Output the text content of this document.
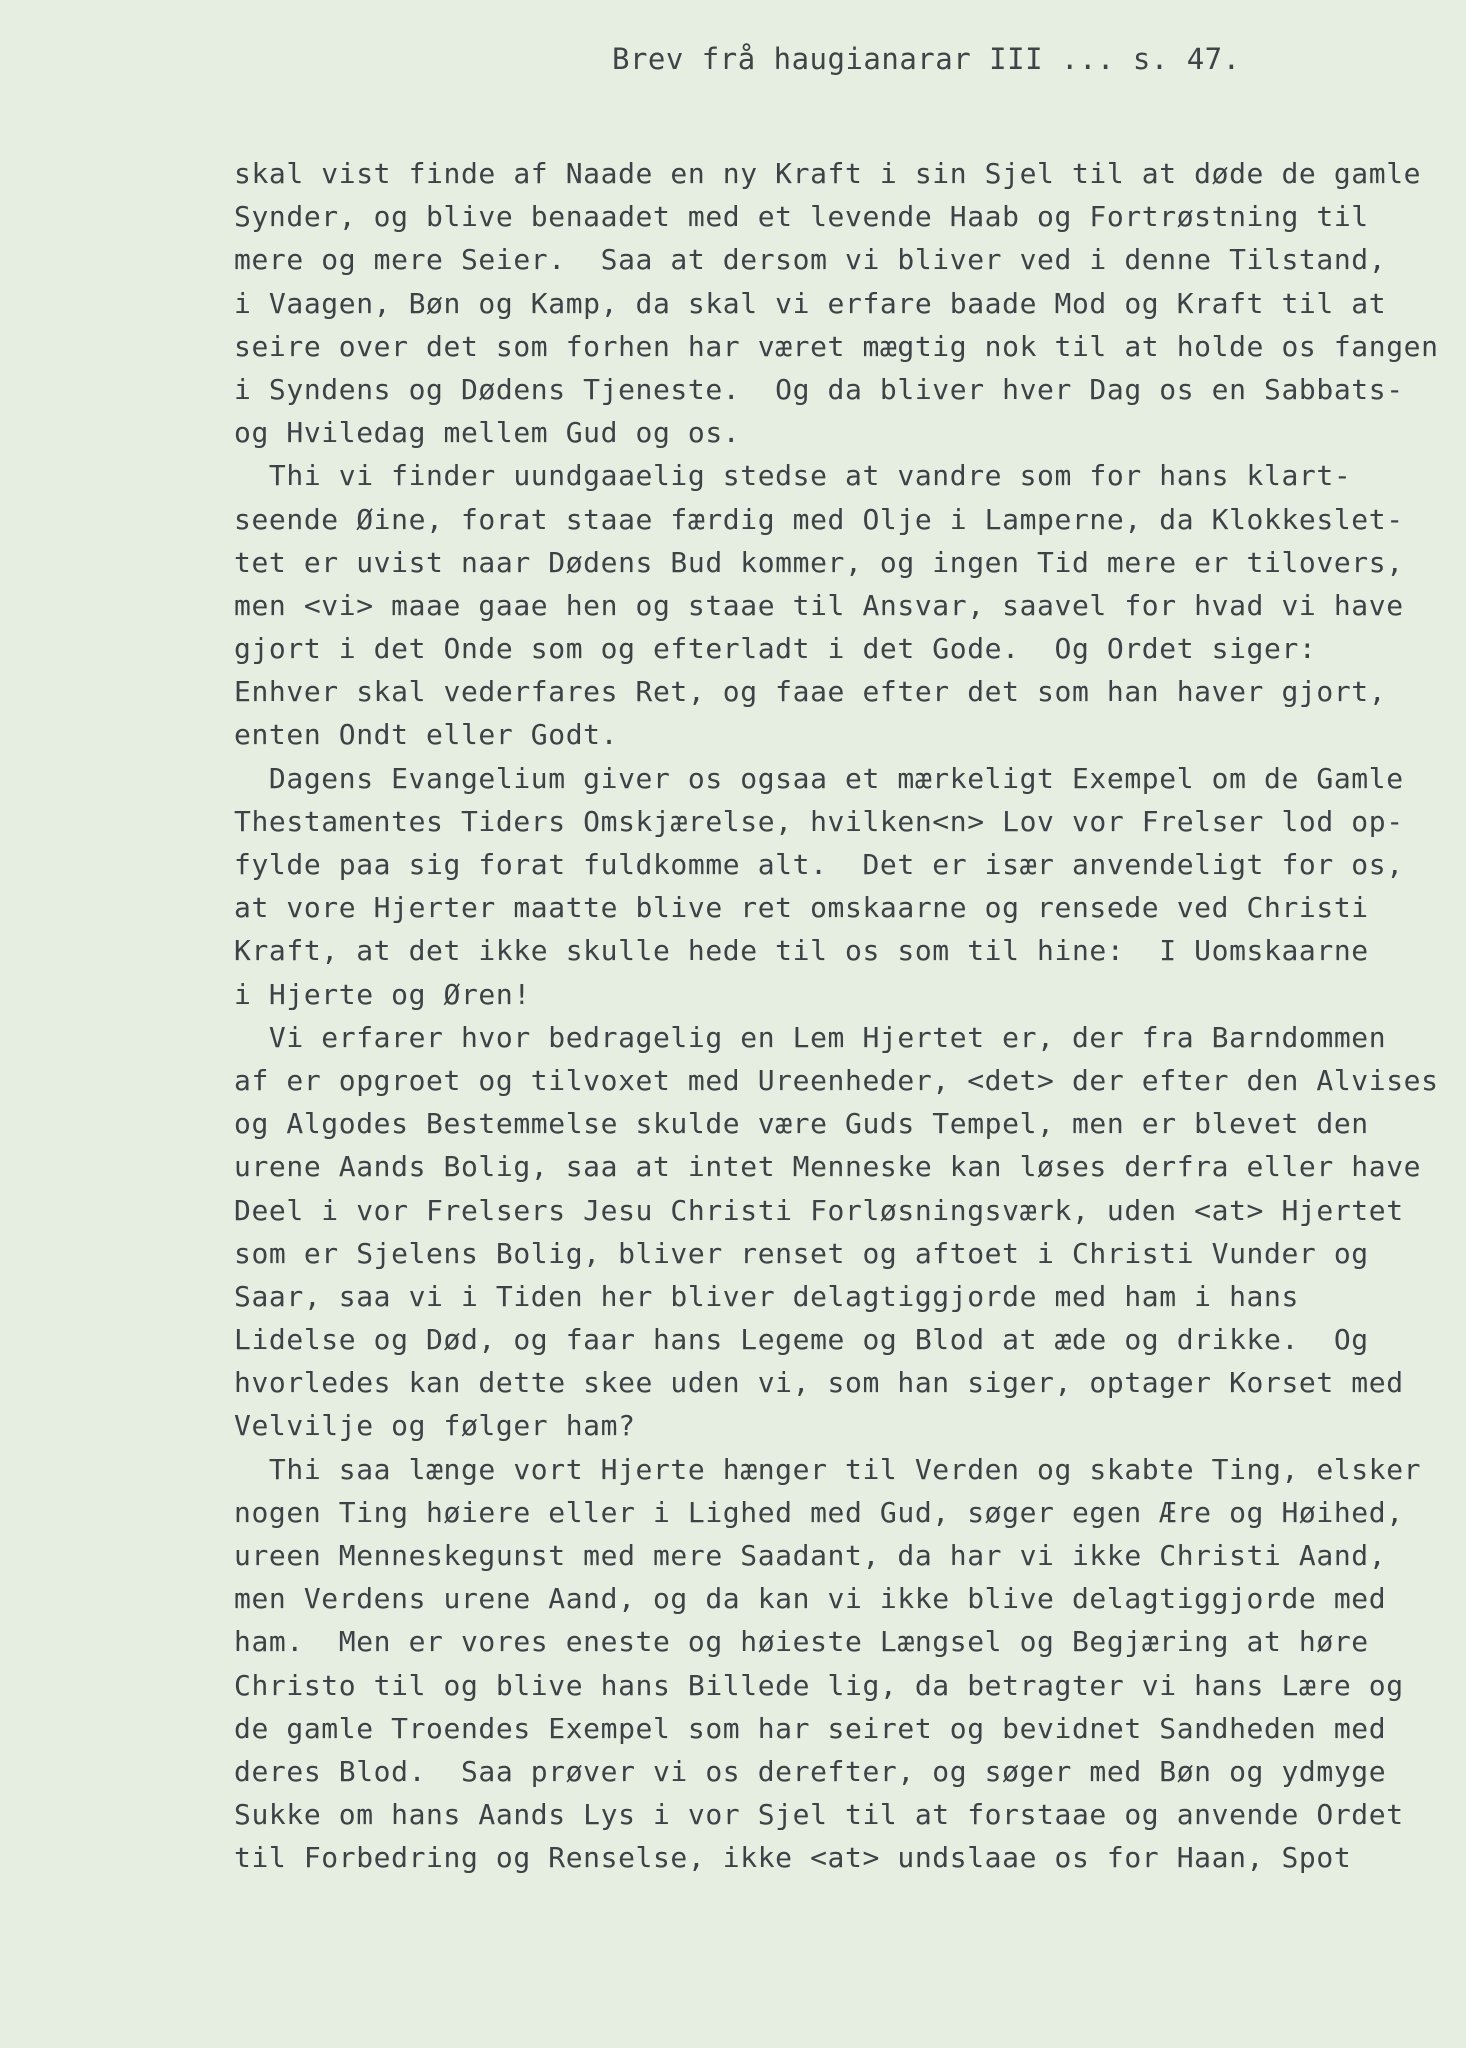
Brev frå haugianarar III ... s. 47.
skal vist finde af Naade en ny Kraft i sin Sjel til at døde de gamle
Synder, og blive benaadet med et levende Haab og Fortrøstning til
mere og mere Seier.  Saa at dersom vi bliver ved i denne Tilstand,
i Vaagen, Bøn og Kamp, da skal vi erfare baade Mod og Kraft til at
seire over det som forhen har været mægtig nok til at holde os fangen
i Syndens og Dødens Tjeneste.  Og da bliver hver Dag os en Sabbats-
og Hviledag mellem Gud og os.
Thi vi finder uundgaaelig stedse at vandre som for hans klart-
seende Øine, forat staae færdig med Olje i Lamperne, da Klokkeslet-
tet er uvist naar Dødens Bud kommer, og ingen Tid mere er tilovers,
men <vi> maae gaae hen og staae til Ansvar, saavel for hvad vi have
gjort i det Onde som og efterladt i det Gode.  Og Ordet siger:
Enhver skal vederfares Ret, og faae efter det som han haver gjort,
enten Ondt eller Godt.
Dagens Evangelium giver os ogsaa et mærkeligt Exempel om de Gamle
Thestamentes Tiders Omskjærelse, hvilken<n> Lov vor Frelser lod op-
fylde paa sig forat fuldkomme alt.  Det er især anvendeligt for os,
at vore Hjerter maatte blive ret omskaarne og rensede ved Christi
Kraft, at det ikke skulle hede til os som til hine:  I Uomskaarne
i Hjerte og Øren!
Vi erfarer hvor bedragelig en Lem Hjertet er, der fra Barndommen
af er opgroet og tilvoxet med Ureenheder, <det> der efter den Alvises
og Algodes Bestemmelse skulde være Guds Tempel, men er blevet den
urene Aands Bolig, saa at intet Menneske kan løses derfra eller have
Deel i vor Frelsers Jesu Christi Forløsningsværk, uden <at> Hjertet
som er Sjelens Bolig, bliver renset og aftoet i Christi Vunder og
Saar, saa vi i Tiden her bliver delagtiggjorde med ham i hans
Lidelse og Død, og faar hans Legeme og Blod at æde og drikke.  Og
hvorledes kan dette skee uden vi, som han siger, optager Korset med
Velvilje og følger ham?
Thi saa længe vort Hjerte hænger til Verden og skabte Ting, elsker
nogen Ting høiere eller i Lighed med Gud, søger egen Ære og Høihed,
ureen Menneskegunst med mere Saadant, da har vi ikke Christi Aand,
men Verdens urene Aand, og da kan vi ikke blive delagtiggjorde med
ham.  Men er vores eneste og høieste Længsel og Begjæring at høre
Christo til og blive hans Billede lig, da betragter vi hans Lære og
de gamle Troendes Exempel som har seiret og bevidnet Sandheden med
deres Blod.  Saa prøver vi os derefter, og søger med Bøn og ydmyge
Sukke om hans Aands Lys i vor Sjel til at forstaae og anvende Ordet
til Forbedring og Renselse, ikke <at> undslaae os for Haan, Spot
